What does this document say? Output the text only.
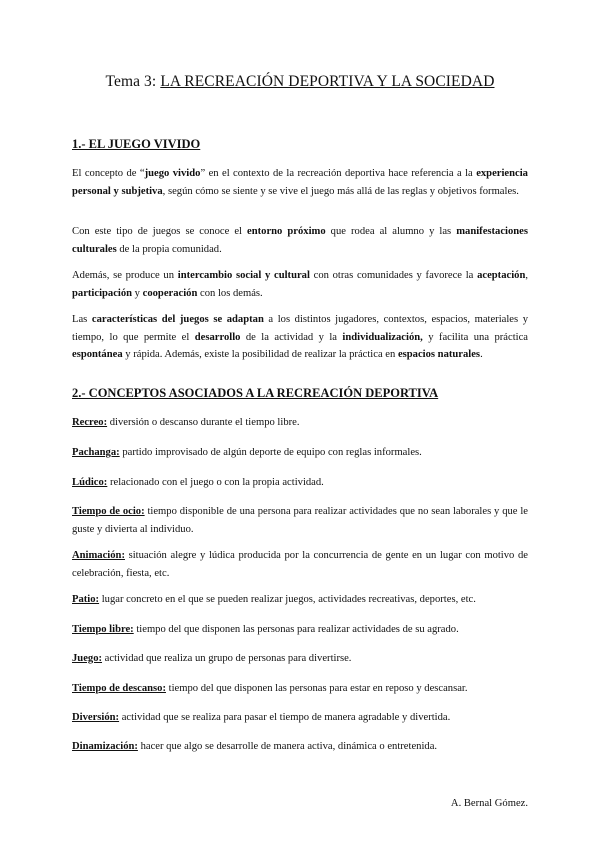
Tema 3: LA RECREACIÓN DEPORTIVA Y LA SOCIEDAD
1.- EL JUEGO VIVIDO

El concepto de “juego vivido” en el contexto de la recreación deportiva hace referencia a la experiencia personal y subjetiva, según cómo se siente y se vive el juego más allá de las reglas y objetivos formales.

Con este tipo de juegos se conoce el entorno próximo que rodea al alumno y las manifestaciones culturales de la propia comunidad.

Además, se produce un intercambio social y cultural con otras comunidades y favorece la aceptación, participación y cooperación con los demás.

Las características del juegos se adaptan a los distintos jugadores, contextos, espacios, materiales y tiempo, lo que permite el desarrollo de la actividad y la individualización, y facilita una práctica espontánea y rápida. Además, existe la posibilidad de realizar la práctica en espacios naturales.

2.- CONCEPTOS ASOCIADOS A LA RECREACIÓN DEPORTIVA

Recreo: diversión o descanso durante el tiempo libre.

Pachanga: partido improvisado de algún deporte de equipo con reglas informales.

Lúdico: relacionado con el juego o con la propia actividad.

Tiempo de ocio: tiempo disponible de una persona para realizar actividades que no sean laborales y que le guste y divierta al individuo.

Animación: situación alegre y lúdica producida por la concurrencia de gente en un lugar con motivo de celebración, fiesta, etc.

Patio: lugar concreto en el que se pueden realizar juegos, actividades recreativas, deportes, etc.

Tiempo libre: tiempo del que disponen las personas para realizar actividades de su agrado.

Juego: actividad que realiza un grupo de personas para divertirse.

Tiempo de descanso: tiempo del que disponen las personas para estar en reposo y descansar.

Diversión: actividad que se realiza para pasar el tiempo de manera agradable y divertida.

Dinamización: hacer que algo se desarrolle de manera activa, dinámica o entretenida.

A. Bernal Gómez.
